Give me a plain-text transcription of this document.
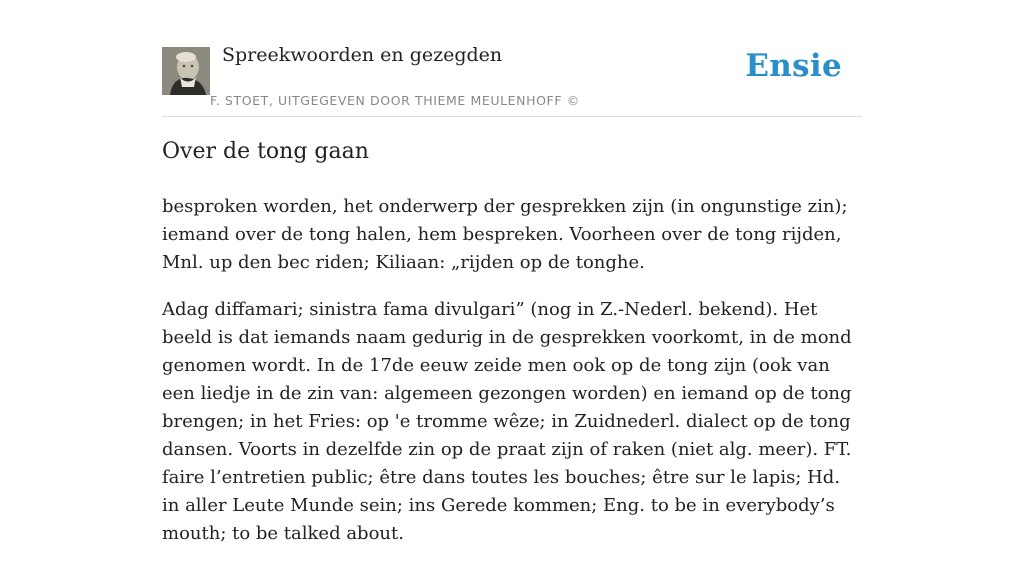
Spreekwoorden en gezegden
F. STOET, UITGEGEVEN DOOR THIEME MEULENHOFF ©
Ensie
Over de tong gaan

besproken worden, het onderwerp der gesprekken zijn (in ongunstige zin); iemand over de tong halen, hem bespreken. Voorheen over de tong rijden, Mnl. up den bec riden; Kiliaan: „rijden op de tonghe.

Adag diffamari; sinistra fama divulgari” (nog in Z.-Nederl. bekend). Het beeld is dat iemands naam gedurig in de gesprekken voorkomt, in de mond genomen wordt. In de 17de eeuw zeide men ook op de tong zijn (ook van een liedje in de zin van: algemeen gezongen worden) en iemand op de tong brengen; in het Fries: op 'e tromme wêze; in Zuidnederl. dialect op de tong dansen. Voorts in dezelfde zin op de praat zijn of raken (niet alg. meer). FT. faire l’entretien public; être dans toutes les bouches; être sur le lapis; Hd. in aller Leute Munde sein; ins Gerede kommen; Eng. to be in everybody’s mouth; to be talked about.
